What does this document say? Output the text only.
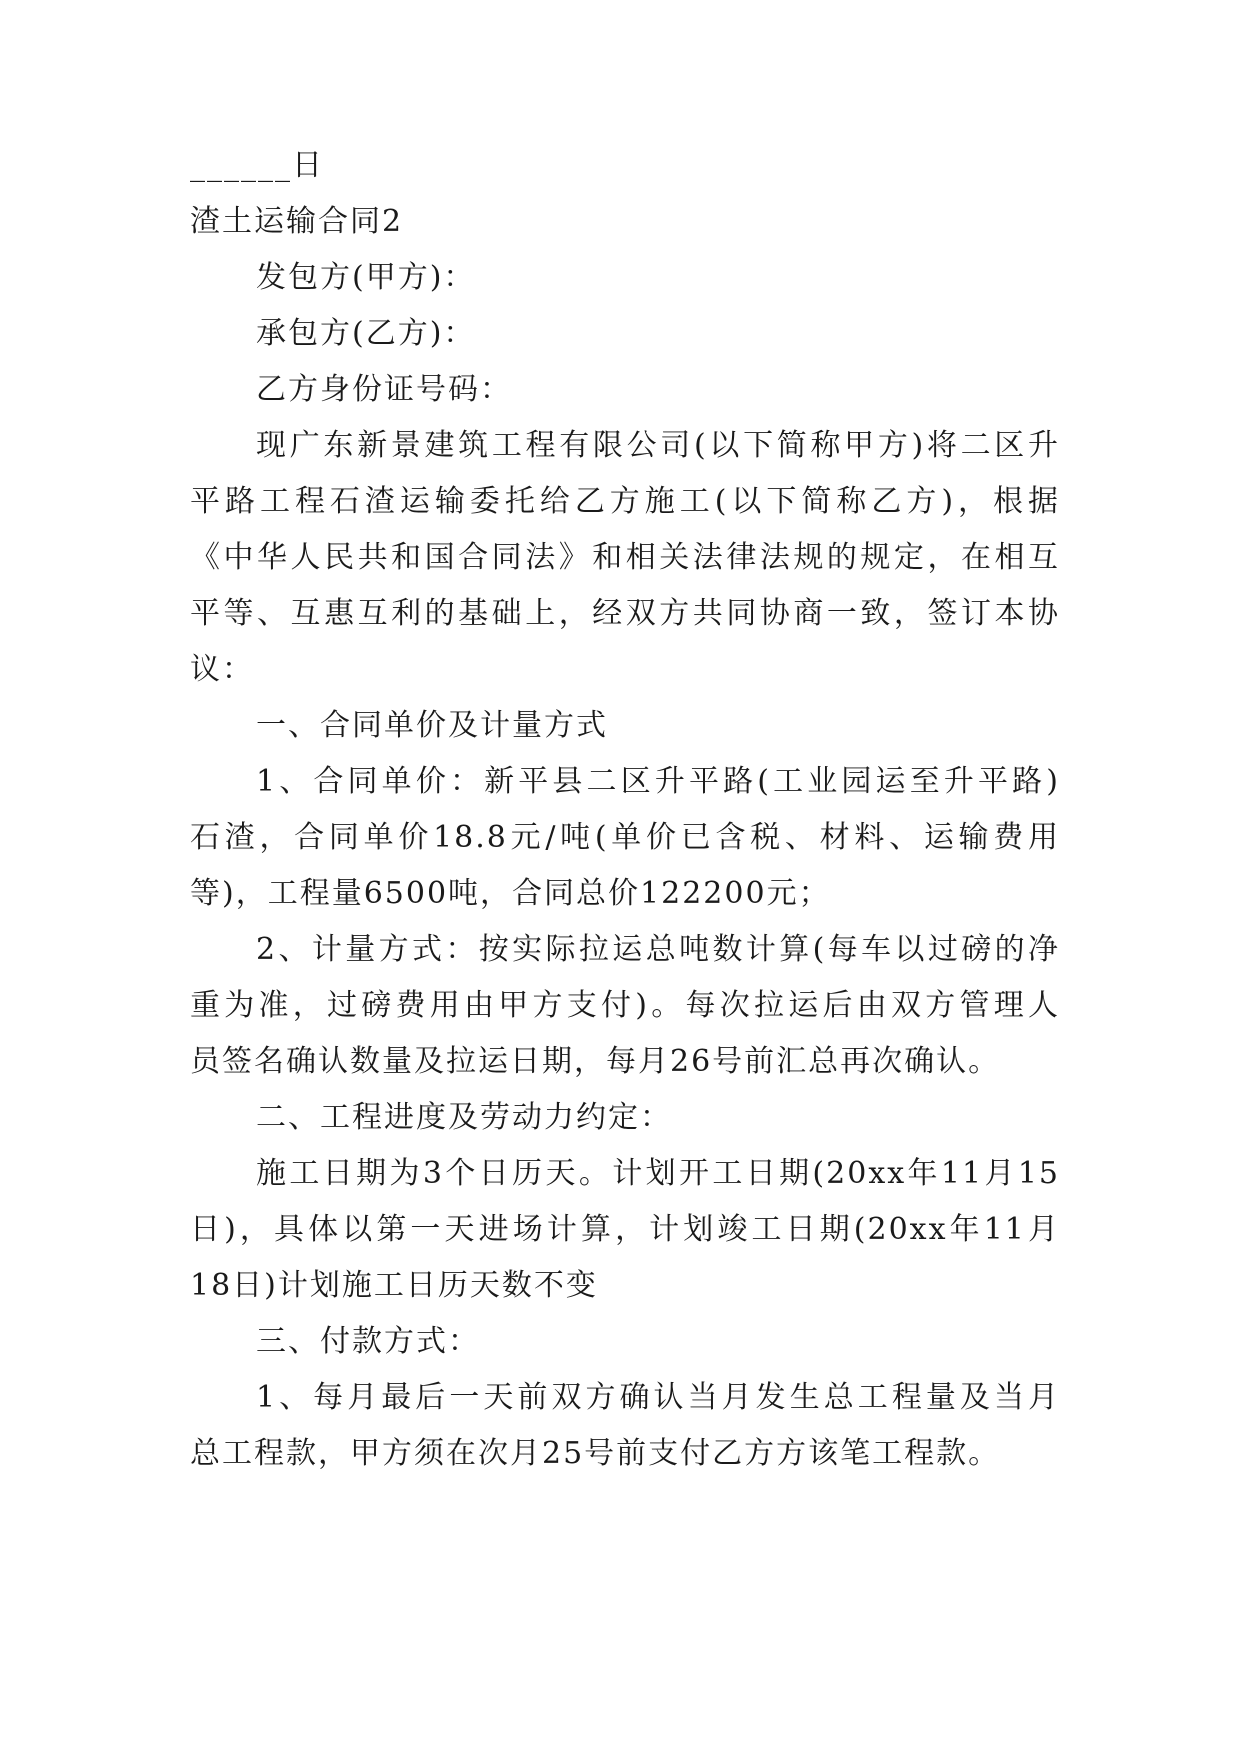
______日
渣土运输合同2
发包方(甲方)：
承包方(乙方)：
乙方身份证号码：
现广东新景建筑工程有限公司(以下简称甲方)将二区升
平路工程石渣运输委托给乙方施工(以下简称乙方)，根据
《中华人民共和国合同法》和相关法律法规的规定，在相互
平等、互惠互利的基础上，经双方共同协商一致，签订本协
议：
一、合同单价及计量方式
1、合同单价：新平县二区升平路(工业园运至升平路)
石渣，合同单价18.8元/吨(单价已含税、材料、运输费用
等)，工程量6500吨，合同总价122200元；
2、计量方式：按实际拉运总吨数计算(每车以过磅的净
重为准，过磅费用由甲方支付)。每次拉运后由双方管理人
员签名确认数量及拉运日期，每月26号前汇总再次确认。
二、工程进度及劳动力约定：
施工日期为3个日历天。计划开工日期(20xx年11月15
日)，具体以第一天进场计算，计划竣工日期(20xx年11月
18日)计划施工日历天数不变
三、付款方式：
1、每月最后一天前双方确认当月发生总工程量及当月
总工程款，甲方须在次月25号前支付乙方方该笔工程款。
